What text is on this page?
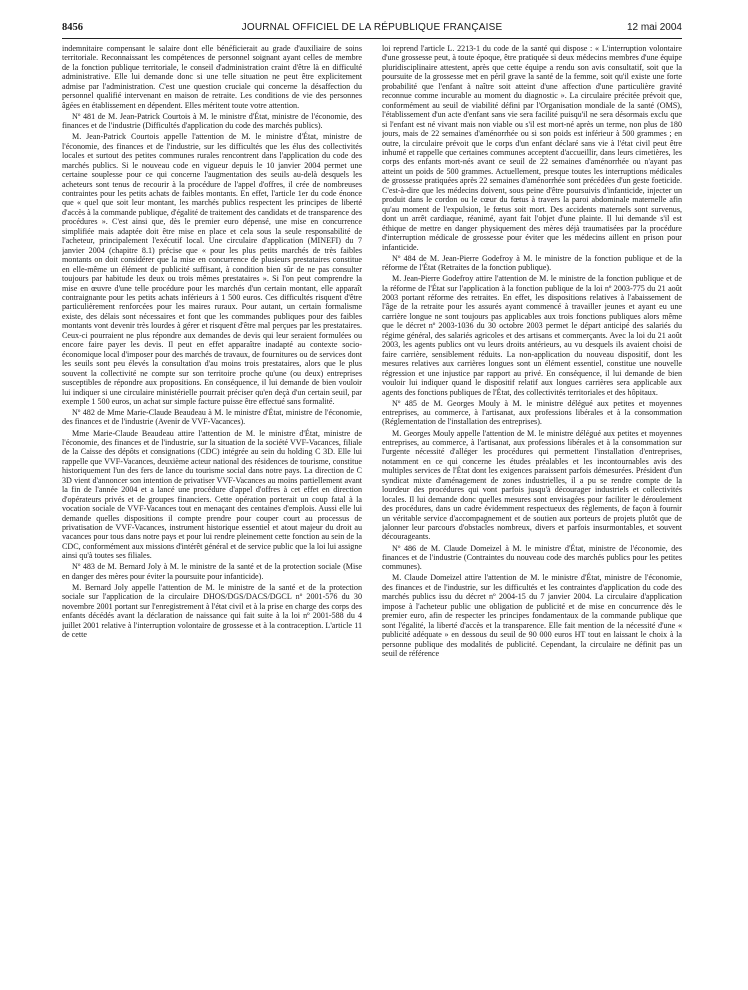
8456	JOURNAL OFFICIEL DE LA RÉPUBLIQUE FRANÇAISE	12 mai 2004

indemnitaire compensant le salaire dont elle bénéficierait au grade d'auxiliaire de soins territoriale. Reconnaissant les compétences de personnel soignant ayant celles de membre de la fonction publique territoriale, le conseil d'administration craint d'être là en difficulté administrative. Elle lui demande donc si une telle situation ne peut être explicitement admise par l'administration. C'est une question cruciale qui concerne la désaffection du personnel qualifié intervenant en maison de retraite. Les conditions de vie des personnes âgées en établissement en dépendent. Elles méritent toute votre attention.

Nº 481 de M. Jean-Patrick Courtois à M. le ministre d'État, ministre de l'économie, des finances et de l'industrie (Difficultés d'application du code des marchés publics).

M. Jean-Patrick Courtois appelle l'attention de M. le ministre d'État, ministre de l'économie, des finances et de l'industrie, sur les difficultés que les élus des collectivités locales et surtout des petites communes rurales rencontrent dans l'application du code des marchés publics. Si le nouveau code en vigueur depuis le 10 janvier 2004 permet une certaine souplesse pour ce qui concerne l'augmentation des seuils au-delà desquels les acheteurs sont tenus de recourir à la procédure de l'appel d'offres, il crée de nombreuses contraintes pour les petits achats de faibles montants. En effet, l'article 1er du code énonce que « quel que soit leur montant, les marchés publics respectent les principes de liberté d'accès à la commande publique, d'égalité de traitement des candidats et de transparence des procédures ». C'est ainsi que, dès le premier euro dépensé, une mise en concurrence simplifiée mais adaptée doit être mise en place et cela sous la seule responsabilité de l'acheteur, principalement l'exécutif local. Une circulaire d'application (MINEFI) du 7 janvier 2004 (chapitre 8.1) précise que « pour les plus petits marchés de très faibles montants on doit considérer que la mise en concurrence de plusieurs prestataires constitue en elle-même un élément de publicité suffisant, à condition bien sûr de ne pas consulter toujours par habitude les deux ou trois mêmes prestataires ». Si l'on peut comprendre la mise en œuvre d'une telle procédure pour les marchés d'un certain montant, elle apparaît contraignante pour les petits achats inférieurs à 1 500 euros. Ces difficultés risquent d'être particulièrement renforcées pour les maires ruraux. Pour autant, un certain formalisme existe, des délais sont nécessaires et font que les commandes publiques pour des faibles montants vont devenir très lourdes à gérer et risquent d'être mal perçues par les prestataires. Ceux-ci pourraient ne plus répondre aux demandes de devis qui leur seraient formulées ou encore faire payer les devis. Il peut en effet apparaître inadapté au contexte socio-économique local d'imposer pour des marchés de travaux, de fournitures ou de services dont les seuils sont peu élevés la consultation d'au moins trois prestataires, alors que le plus souvent la collectivité ne compte sur son territoire proche qu'une (ou deux) entreprises susceptibles de répondre aux propositions. En conséquence, il lui demande de bien vouloir lui indiquer si une circulaire ministérielle pourrait préciser qu'en deçà d'un certain seuil, par exemple 1 500 euros, un achat sur simple facture puisse être effectué sans formalité.

Nº 482 de Mme Marie-Claude Beaudeau à M. le ministre d'État, ministre de l'économie, des finances et de l'industrie (Avenir de VVF-Vacances).

Mme Marie-Claude Beaudeau attire l'attention de M. le ministre d'État, ministre de l'économie, des finances et de l'industrie, sur la situation de la société VVF-Vacances, filiale de la Caisse des dépôts et consignations (CDC) intégrée au sein du holding C 3D. Elle lui rappelle que VVF-Vacances, deuxième acteur national des résidences de tourisme, constitue historiquement l'un des fers de lance du tourisme social dans notre pays. La direction de C 3D vient d'annoncer son intention de privatiser VVF-Vacances au moins partiellement avant la fin de l'année 2004 et a lancé une procédure d'appel d'offres à cet effet en direction d'opérateurs privés et de groupes financiers. Cette opération porterait un coup fatal à la vocation sociale de VVF-Vacances tout en menaçant des centaines d'emplois. Aussi elle lui demande quelles dispositions il compte prendre pour couper court au processus de privatisation de VVF-Vacances, instrument historique essentiel et atout majeur du droit au vacances pour tous dans notre pays et pour lui rendre pleinement cette fonction au sein de la CDC, conformément aux missions d'intérêt général et de service public que la loi lui assigne ainsi qu'à toutes ses filiales.

Nº 483 de M. Bernard Joly à M. le ministre de la santé et de la protection sociale (Mise en danger des mères pour éviter la poursuite pour infanticide).

M. Bernard Joly appelle l'attention de M. le ministre de la santé et de la protection sociale sur l'application de la circulaire DHOS/DGS/DACS/DGCL nº 2001-576 du 30 novembre 2001 portant sur l'enregistrement à l'état civil et à la prise en charge des corps des enfants décédés avant la déclaration de naissance qui fait suite à la loi nº 2001-588 du 4 juillet 2001 relative à l'interruption volontaire de grossesse et à la contraception. L'article 11 de cette

loi reprend l'article L. 2213-1 du code de la santé qui dispose : « L'interruption volontaire d'une grossesse peut, à toute époque, être pratiquée si deux médecins membres d'une équipe pluridisciplinaire attestent, après que cette équipe a rendu son avis consultatif, soit que la poursuite de la grossesse met en péril grave la santé de la femme, soit qu'il existe une forte probabilité que l'enfant à naître soit atteint d'une affection d'une particulière gravité reconnue comme incurable au moment du diagnostic ». La circulaire précitée prévoit que, conformément au seuil de viabilité défini par l'Organisation mondiale de la santé (OMS), l'établissement d'un acte d'enfant sans vie sera facilité puisqu'il ne sera désormais exclu que si l'enfant est né vivant mais non viable ou s'il est mort-né après un terme, non plus de 180 jours, mais de 22 semaines d'aménorrhée ou si son poids est inférieur à 500 grammes ; en outre, la circulaire prévoit que le corps d'un enfant déclaré sans vie à l'état civil peut être inhumé et rappelle que certaines communes acceptent d'accueillir, dans leurs cimetières, les corps des enfants mort-nés avant ce seuil de 22 semaines d'aménorrhée ou n'ayant pas atteint un poids de 500 grammes. Actuellement, presque toutes les interruptions médicales de grossesse pratiquées après 22 semaines d'aménorrhée sont précédées d'un geste foeticide. C'est-à-dire que les médecins doivent, sous peine d'être poursuivis d'infanticide, injecter un produit dans le cordon ou le cœur du fœtus à travers la paroi abdominale maternelle afin qu'au moment de l'expulsion, le fœtus soit mort. Des accidents maternels sont survenus, dont un arrêt cardiaque, réanimé, ayant fait l'objet d'une plainte. Il lui demande s'il est éthique de mettre en danger physiquement des mères déjà traumatisées par la procédure d'interruption médicale de grossesse pour éviter que les médecins aillent en prison pour infanticide.

Nº 484 de M. Jean-Pierre Godefroy à M. le ministre de la fonction publique et de la réforme de l'État (Retraites de la fonction publique).

M. Jean-Pierre Godefroy attire l'attention de M. le ministre de la fonction publique et de la réforme de l'État sur l'application à la fonction publique de la loi nº 2003-775 du 21 août 2003 portant réforme des retraites. En effet, les dispositions relatives à l'abaissement de l'âge de la retraite pour les assurés ayant commencé à travailler jeunes et ayant eu une carrière longue ne sont toujours pas applicables aux trois fonctions publiques alors même que le décret nº 2003-1036 du 30 octobre 2003 permet le départ anticipé des salariés du régime général, des salariés agricoles et des artisans et commerçants. Avec la loi du 21 août 2003, les agents publics ont vu leurs droits antérieurs, au vu desquels ils avaient choisi de faire carrière, sensiblement réduits. La non-application du nouveau dispositif, dont les mesures relatives aux carrières longues sont un élément essentiel, constitue une nouvelle régression et une injustice par rapport au privé. En conséquence, il lui demande de bien vouloir lui indiquer quand le dispositif relatif aux longues carrières sera applicable aux agents des fonctions publiques de l'État, des collectivités territoriales et des hôpitaux.

Nº 485 de M. Georges Mouly à M. le ministre délégué aux petites et moyennes entreprises, au commerce, à l'artisanat, aux professions libérales et à la consommation (Réglementation de l'installation des entreprises).

M. Georges Mouly appelle l'attention de M. le ministre délégué aux petites et moyennes entreprises, au commerce, à l'artisanat, aux professions libérales et à la consommation sur l'urgente nécessité d'alléger les procédures qui permettent l'installation d'entreprises, notamment en ce qui concerne les études préalables et les incontournables avis des multiples services de l'État dont les exigences paraissent parfois démesurées. Président d'un syndicat mixte d'aménagement de zones industrielles, il a pu se rendre compte de la lourdeur des procédures qui vont parfois jusqu'à décourager industriels et collectivités locales. Il lui demande donc quelles mesures sont envisagées pour faciliter le déroulement des procédures, dans un cadre évidemment respectueux des règlements, de façon à fournir un véritable service d'accompagnement et de soutien aux porteurs de projets plutôt que de jalonner leur parcours d'obstacles nombreux, divers et parfois insurmontables, et souvent décourageants.

Nº 486 de M. Claude Domeizel à M. le ministre d'État, ministre de l'économie, des finances et de l'industrie (Contraintes du nouveau code des marchés publics pour les petites communes).

M. Claude Domeizel attire l'attention de M. le ministre d'État, ministre de l'économie, des finances et de l'industrie, sur les difficultés et les contraintes d'application du code des marchés publics issu du décret nº 2004-15 du 7 janvier 2004. La circulaire d'application impose à l'acheteur public une obligation de publicité et de mise en concurrence dès le premier euro, afin de respecter les principes fondamentaux de la commande publique que sont l'égalité, la liberté d'accès et la transparence. Elle fait mention de la nécessité d'une « publicité adéquate » en dessous du seuil de 90 000 euros HT tout en laissant le choix à la personne publique des modalités de publicité. Cependant, la circulaire ne définit pas un seuil de référence
